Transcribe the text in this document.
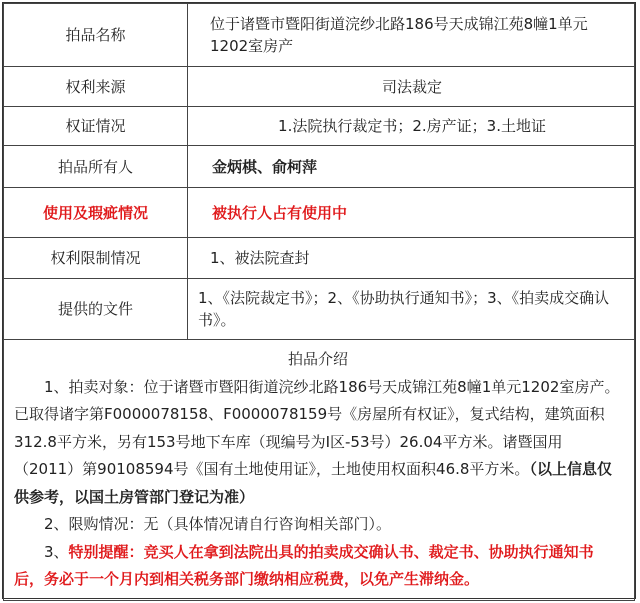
拍品名称	位于诸暨市暨阳街道浣纱北路186号天成锦江苑8幢1单元1202室房产
权利来源	司法裁定
权证情况	1.法院执行裁定书；2.房产证；3.土地证
拍品所有人	金炳棋、俞柯萍
使用及瑕疵情况	被执行人占有使用中
权利限制情况	1、被法院查封
提供的文件	1、《法院裁定书》；2、《协助执行通知书》；3、《拍卖成交确认书》。

拍品介绍

1、拍卖对象：位于诸暨市暨阳街道浣纱北路186号天成锦江苑8幢1单元1202室房产。已取得诸字第F0000078158、F0000078159号《房屋所有权证》，复式结构，建筑面积312.8平方米，另有153号地下车库（现编号为Ⅰ区-53号）26.04平方米。诸暨国用（2011）第90108594号《国有土地使用证》，土地使用权面积46.8平方米。（以上信息仅供参考，以国土房管部门登记为准）

2、限购情况：无（具体情况请自行咨询相关部门）。

3、特别提醒：竞买人在拿到法院出具的拍卖成交确认书、裁定书、协助执行通知书后，务必于一个月内到相关税务部门缴纳相应税费，以免产生滞纳金。	
